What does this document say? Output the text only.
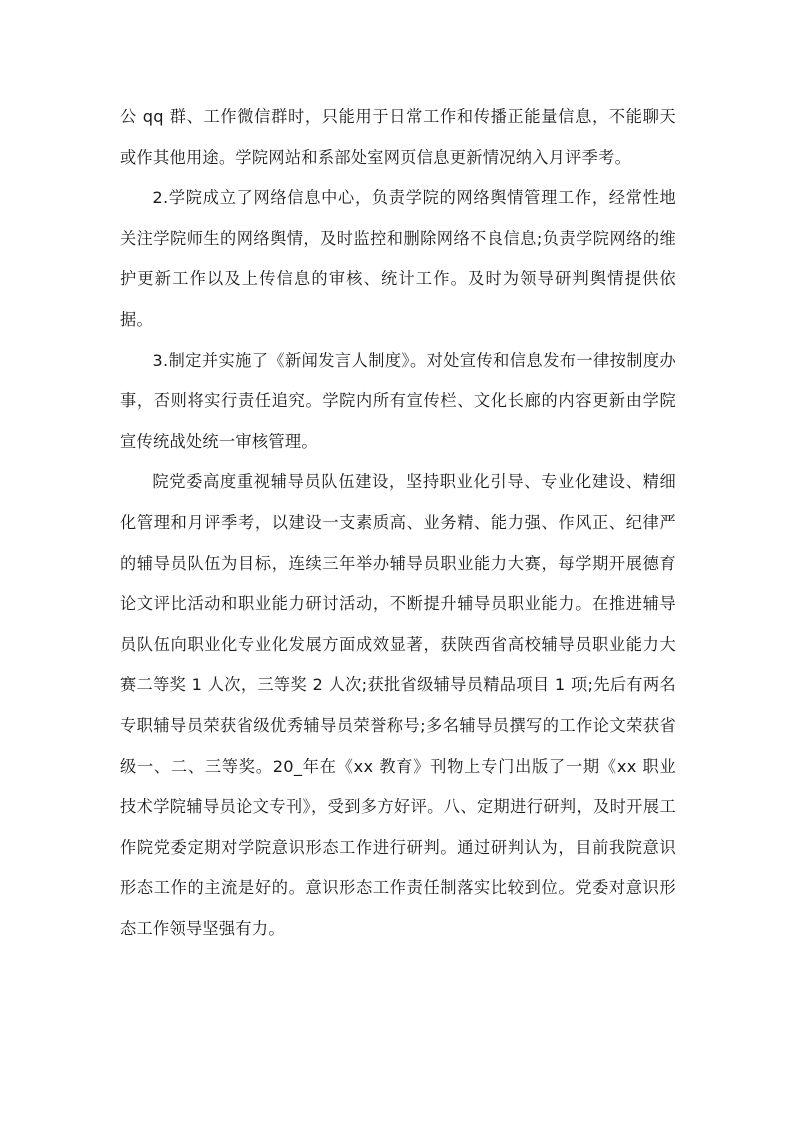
公 qq 群、工作微信群时，只能用于日常工作和传播正能量信息，不能聊天或作其他用途。学院网站和系部处室网页信息更新情况纳入月评季考。

2.学院成立了网络信息中心，负责学院的网络舆情管理工作，经常性地关注学院师生的网络舆情，及时监控和删除网络不良信息;负责学院网络的维护更新工作以及上传信息的审核、统计工作。及时为领导研判舆情提供依据。

3.制定并实施了《新闻发言人制度》。对处宣传和信息发布一律按制度办事，否则将实行责任追究。学院内所有宣传栏、文化长廊的内容更新由学院宣传统战处统一审核管理。

院党委高度重视辅导员队伍建设，坚持职业化引导、专业化建设、精细化管理和月评季考，以建设一支素质高、业务精、能力强、作风正、纪律严的辅导员队伍为目标，连续三年举办辅导员职业能力大赛，每学期开展德育论文评比活动和职业能力研讨活动，不断提升辅导员职业能力。在推进辅导员队伍向职业化专业化发展方面成效显著，获陕西省高校辅导员职业能力大赛二等奖 1 人次，三等奖 2 人次;获批省级辅导员精品项目 1 项;先后有两名专职辅导员荣获省级优秀辅导员荣誉称号;多名辅导员撰写的工作论文荣获省级一、二、三等奖。20_年在《xx 教育》刊物上专门出版了一期《xx 职业技术学院辅导员论文专刊》，受到多方好评。八、定期进行研判，及时开展工作院党委定期对学院意识形态工作进行研判。通过研判认为，目前我院意识形态工作的主流是好的。意识形态工作责任制落实比较到位。党委对意识形态工作领导坚强有力。
